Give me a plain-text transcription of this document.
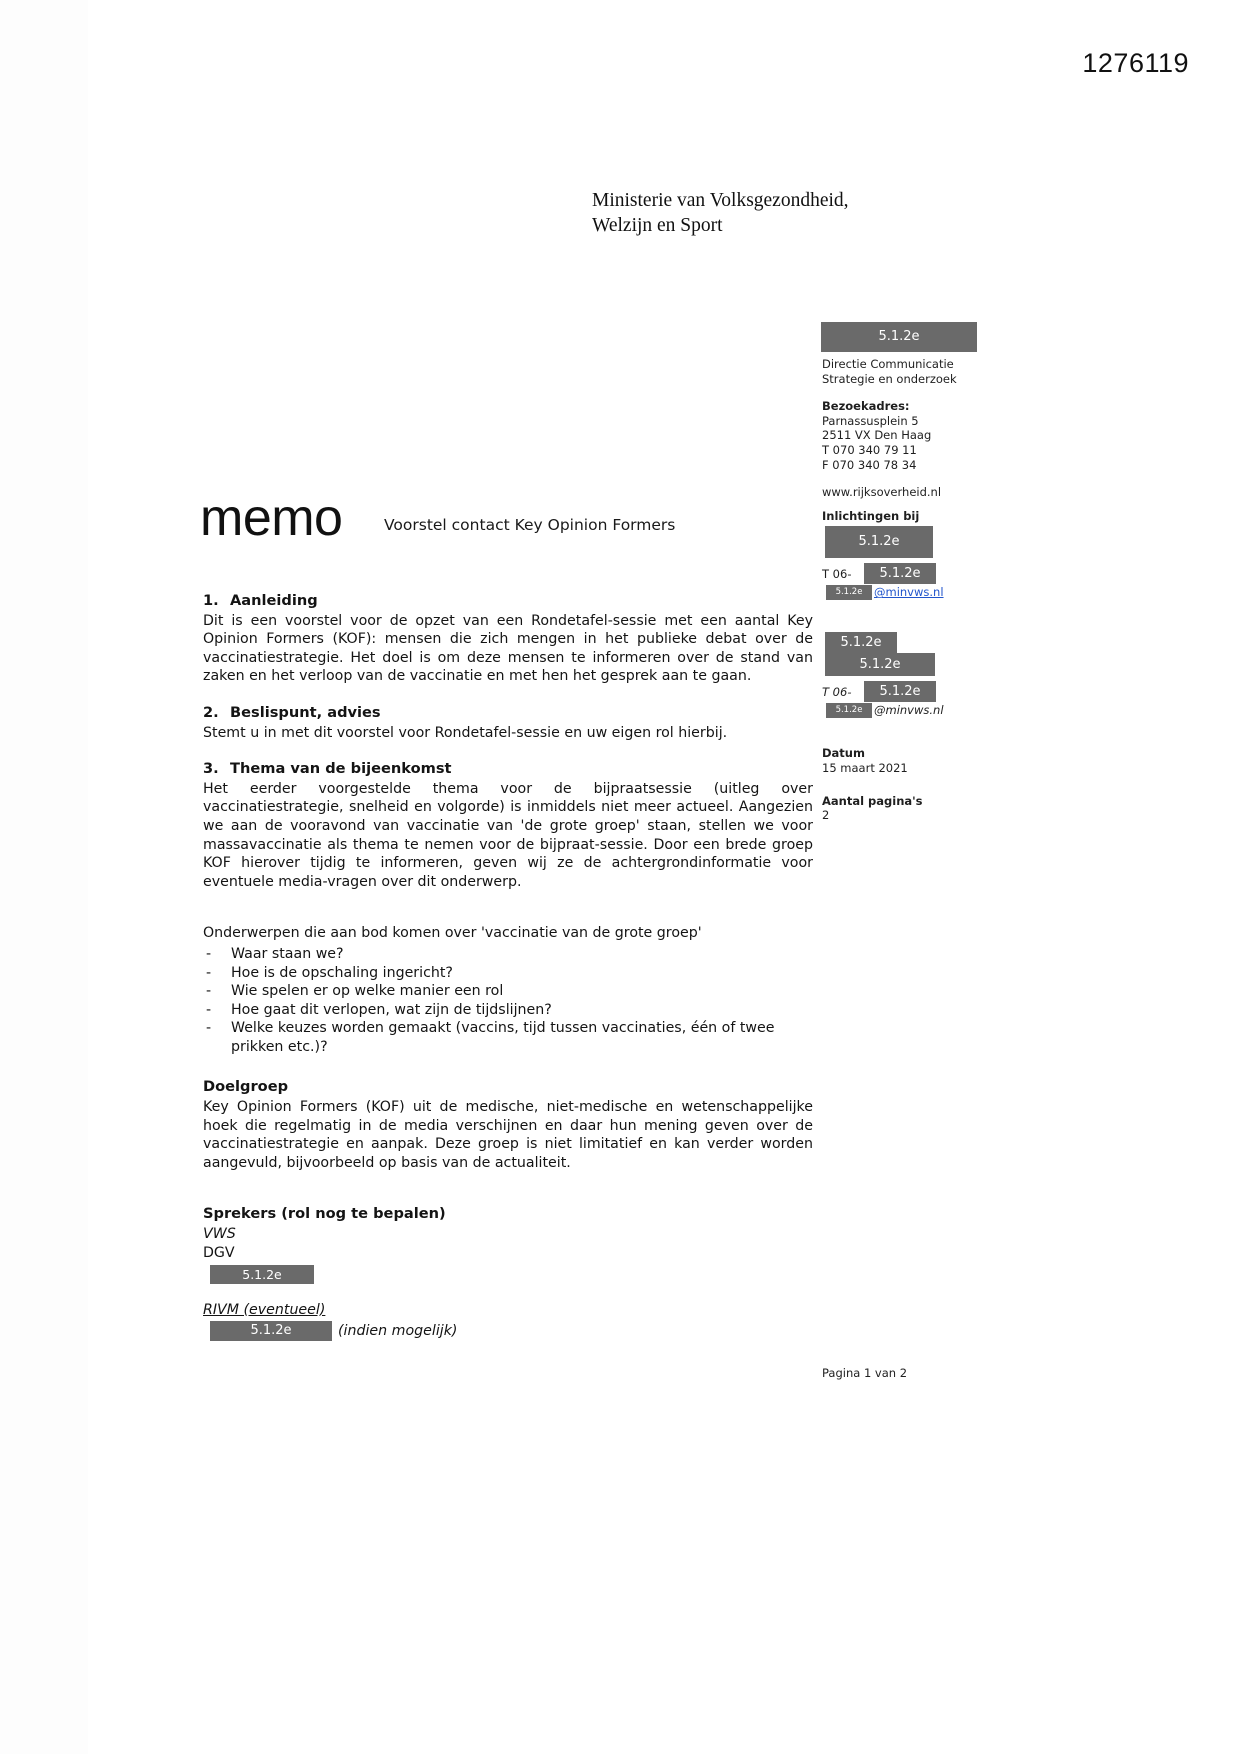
1276119
Ministerie van Volksgezondheid,
Welzijn en Sport
memo	Voorstel contact Key Opinion Formers
5.1.2e
Directie Communicatie
Strategie en onderzoek
Bezoekadres:
Parnassusplein 5
2511 VX Den Haag
T 070 340 79 11
F 070 340 78 34
www.rijksoverheid.nl
Inlichtingen bij
5.1.2e
T 06-	5.1.2e
5.1.2e	@minvws.nl
5.1.2e
5.1.2e
T 06-	5.1.2e
5.1.2e	@minvws.nl
Datum
15 maart 2021
Aantal pagina's
2
1. Aanleiding

Dit is een voorstel voor de opzet van een Rondetafel-sessie met een aantal Key Opinion Formers (KOF): mensen die zich mengen in het publieke debat over de vaccinatiestrategie. Het doel is om deze mensen te informeren over de stand van zaken en het verloop van de vaccinatie en met hen het gesprek aan te gaan.

2. Beslispunt, advies

Stemt u in met dit voorstel voor Rondetafel-sessie en uw eigen rol hierbij.

3. Thema van de bijeenkomst

Het eerder voorgestelde thema voor de bijpraatsessie (uitleg over vaccinatiestrategie, snelheid en volgorde) is inmiddels niet meer actueel. Aangezien we aan de vooravond van vaccinatie van 'de grote groep' staan, stellen we voor massavaccinatie als thema te nemen voor de bijpraat-sessie. Door een brede groep KOF hierover tijdig te informeren, geven wij ze de achtergrondinformatie voor eventuele media-vragen over dit onderwerp.

Onderwerpen die aan bod komen over 'vaccinatie van de grote groep'

- Waar staan we?
- Hoe is de opschaling ingericht?
- Wie spelen er op welke manier een rol
- Hoe gaat dit verlopen, wat zijn de tijdslijnen?
- Welke keuzes worden gemaakt (vaccins, tijd tussen vaccinaties, één of twee prikken etc.)?
Doelgroep

Key Opinion Formers (KOF) uit de medische, niet-medische en wetenschappelijke hoek die regelmatig in de media verschijnen en daar hun mening geven over de vaccinatiestrategie en aanpak. Deze groep is niet limitatief en kan verder worden aangevuld, bijvoorbeeld op basis van de actualiteit.

Sprekers (rol nog te bepalen)
VWS
DGV
5.1.2e
RIVM (eventueel)
5.1.2e	(indien mogelijk)
Pagina 1 van 2
